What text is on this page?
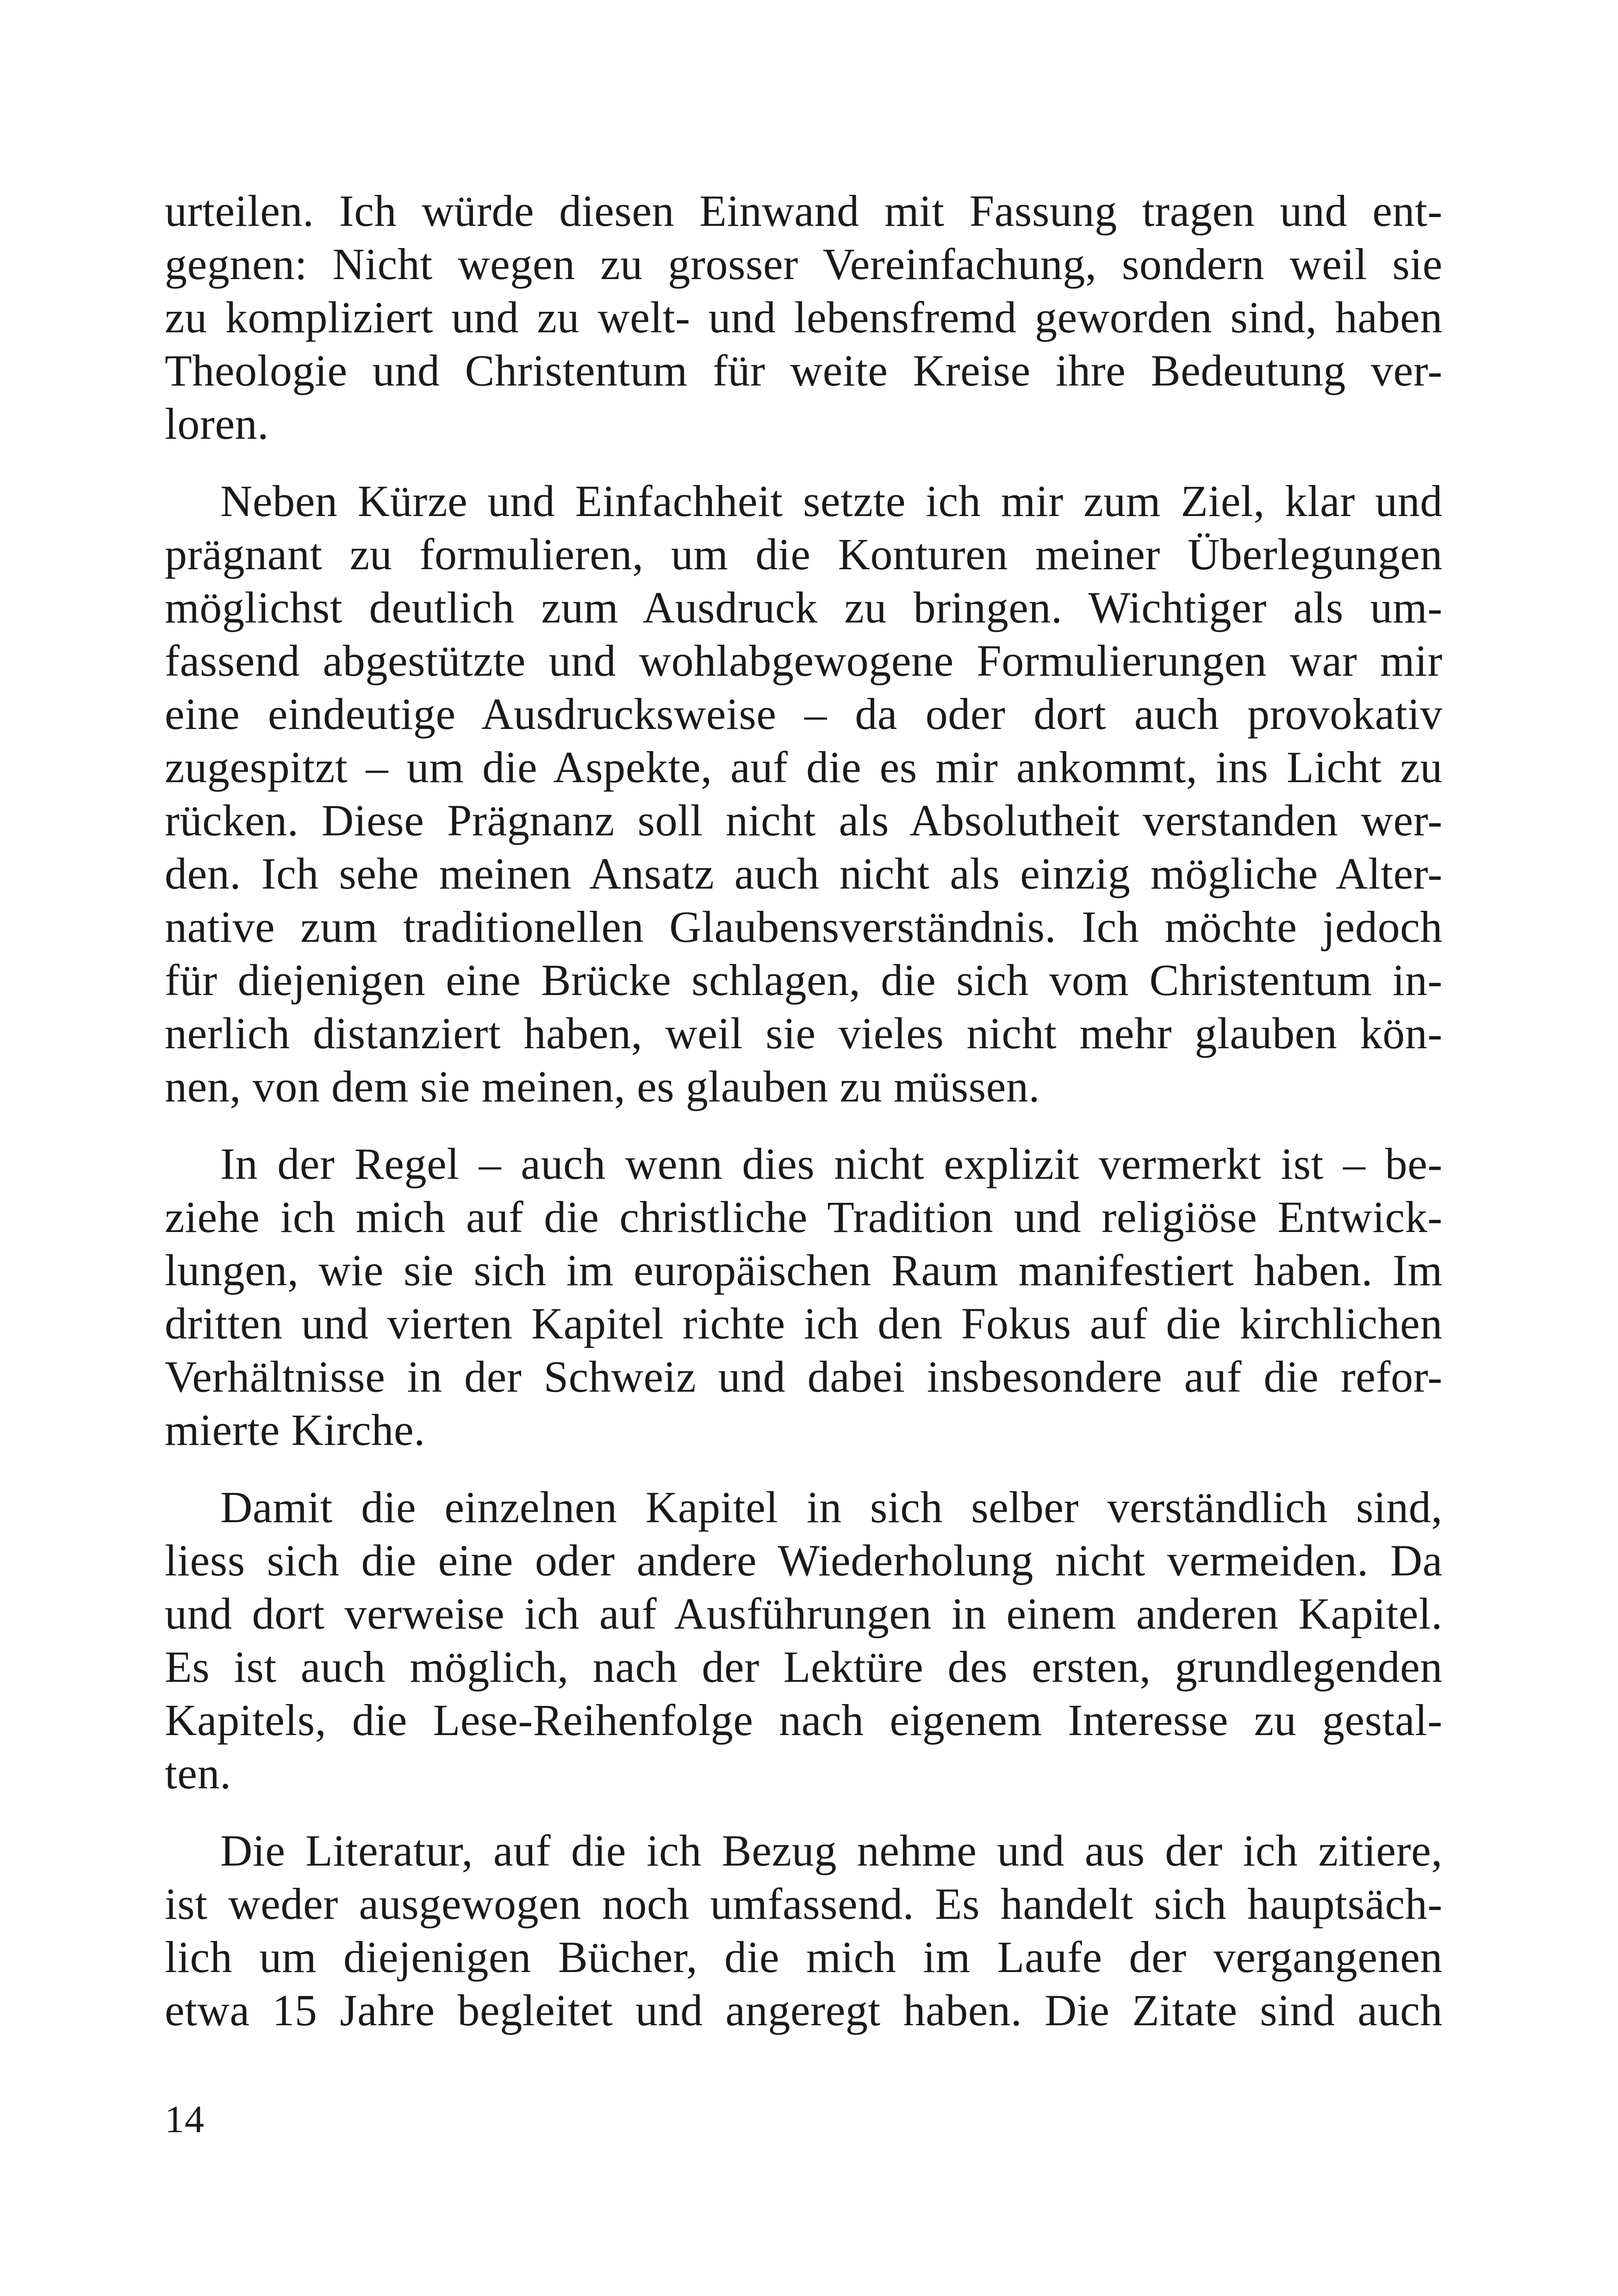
urteilen. Ich würde diesen Einwand mit Fassung tragen und ent-
gegnen: Nicht wegen zu grosser Vereinfachung, sondern weil sie
zu kompliziert und zu welt- und lebensfremd geworden sind, haben
Theologie und Christentum für weite Kreise ihre Bedeutung ver-
loren.
Neben Kürze und Einfachheit setzte ich mir zum Ziel, klar und
prägnant zu formulieren, um die Konturen meiner Überlegungen
möglichst deutlich zum Ausdruck zu bringen. Wichtiger als um-
fassend abgestützte und wohlabgewogene Formulierungen war mir
eine eindeutige Ausdrucksweise – da oder dort auch provokativ
zugespitzt – um die Aspekte, auf die es mir ankommt, ins Licht zu
rücken. Diese Prägnanz soll nicht als Absolutheit verstanden wer-
den. Ich sehe meinen Ansatz auch nicht als einzig mögliche Alter-
native zum traditionellen Glaubensverständnis. Ich möchte jedoch
für diejenigen eine Brücke schlagen, die sich vom Christentum in-
nerlich distanziert haben, weil sie vieles nicht mehr glauben kön-
nen, von dem sie meinen, es glauben zu müssen.
In der Regel – auch wenn dies nicht explizit vermerkt ist – be-
ziehe ich mich auf die christliche Tradition und religiöse Entwick-
lungen, wie sie sich im europäischen Raum manifestiert haben. Im
dritten und vierten Kapitel richte ich den Fokus auf die kirchlichen
Verhältnisse in der Schweiz und dabei insbesondere auf die refor-
mierte Kirche.
Damit die einzelnen Kapitel in sich selber verständlich sind,
liess sich die eine oder andere Wiederholung nicht vermeiden. Da
und dort verweise ich auf Ausführungen in einem anderen Kapitel.
Es ist auch möglich, nach der Lektüre des ersten, grundlegenden
Kapitels, die Lese-Reihenfolge nach eigenem Interesse zu gestal-
ten.
Die Literatur, auf die ich Bezug nehme und aus der ich zitiere,
ist weder ausgewogen noch umfassend. Es handelt sich hauptsäch-
lich um diejenigen Bücher, die mich im Laufe der vergangenen
etwa 15 Jahre begleitet und angeregt haben. Die Zitate sind auch
14
